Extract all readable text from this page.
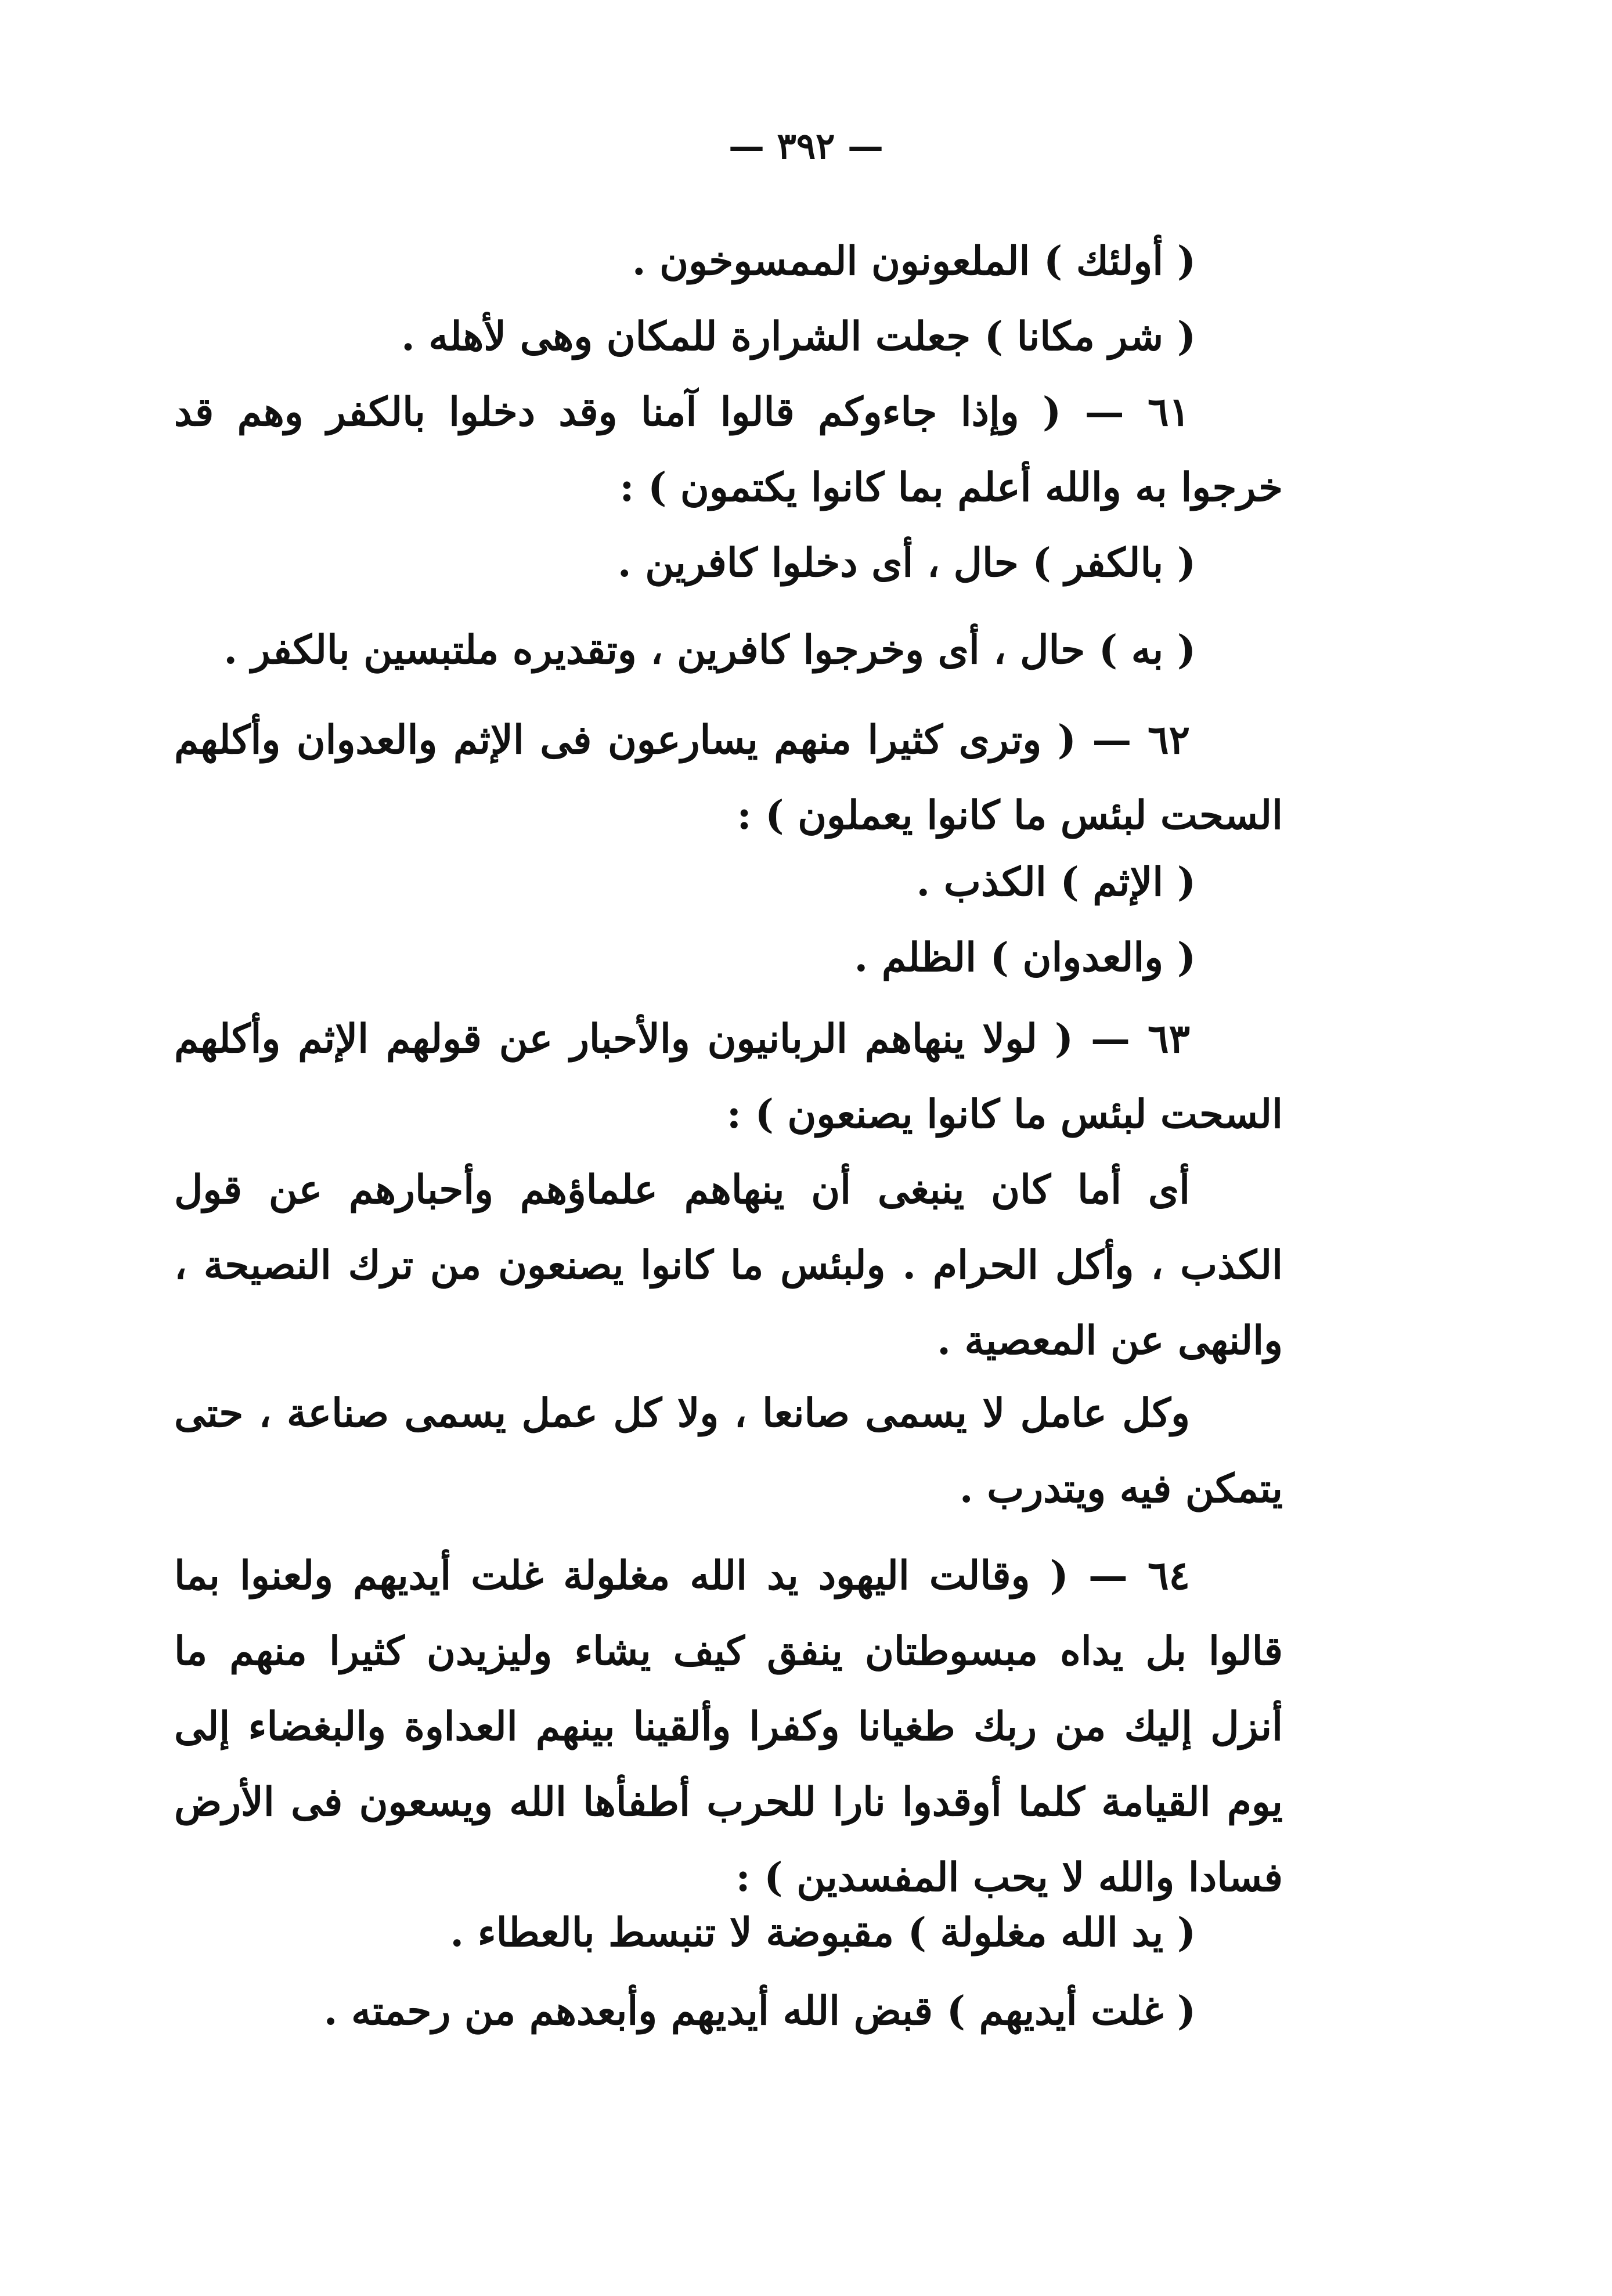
— ٣٩٢ —
( أولئك ) الملعونون الممسوخون .
( شر مكانا ) جعلت الشرارة للمكان وهى لأهله .
٦١ — ( وإذا جاءوكم قالوا آمنا وقد دخلوا بالكفر وهم قد خرجوا به والله أعلم بما كانوا يكتمون ) :
( بالكفر ) حال ، أى دخلوا كافرين .
( به ) حال ، أى وخرجوا كافرين ، وتقديره ملتبسين بالكفر .
٦٢ — ( وترى كثيرا منهم يسارعون فى الإثم والعدوان وأكلهم السحت لبئس ما كانوا يعملون ) :
( الإثم ) الكذب .
( والعدوان ) الظلم .
٦٣ — ( لولا ينهاهم الربانيون والأحبار عن قولهم الإثم وأكلهم السحت لبئس ما كانوا يصنعون ) :
أى أما كان ينبغى أن ينهاهم علماؤهم وأحبارهم عن قول الكذب ، وأكل الحرام . ولبئس ما كانوا يصنعون من ترك النصيحة ، والنهى عن المعصية .
وكل عامل لا يسمى صانعا ، ولا كل عمل يسمى صناعة ، حتى يتمكن فيه ويتدرب .
٦٤ — ( وقالت اليهود يد الله مغلولة غلت أيديهم ولعنوا بما قالوا بل يداه مبسوطتان ينفق كيف يشاء وليزيدن كثيرا منهم ما أنزل إليك من ربك طغيانا وكفرا وألقينا بينهم العداوة والبغضاء إلى يوم القيامة كلما أوقدوا نارا للحرب أطفأها الله ويسعون فى الأرض فسادا والله لا يحب المفسدين ) :
( يد الله مغلولة ) مقبوضة لا تنبسط بالعطاء .
( غلت أيديهم ) قبض الله أيديهم وأبعدهم من رحمته .
